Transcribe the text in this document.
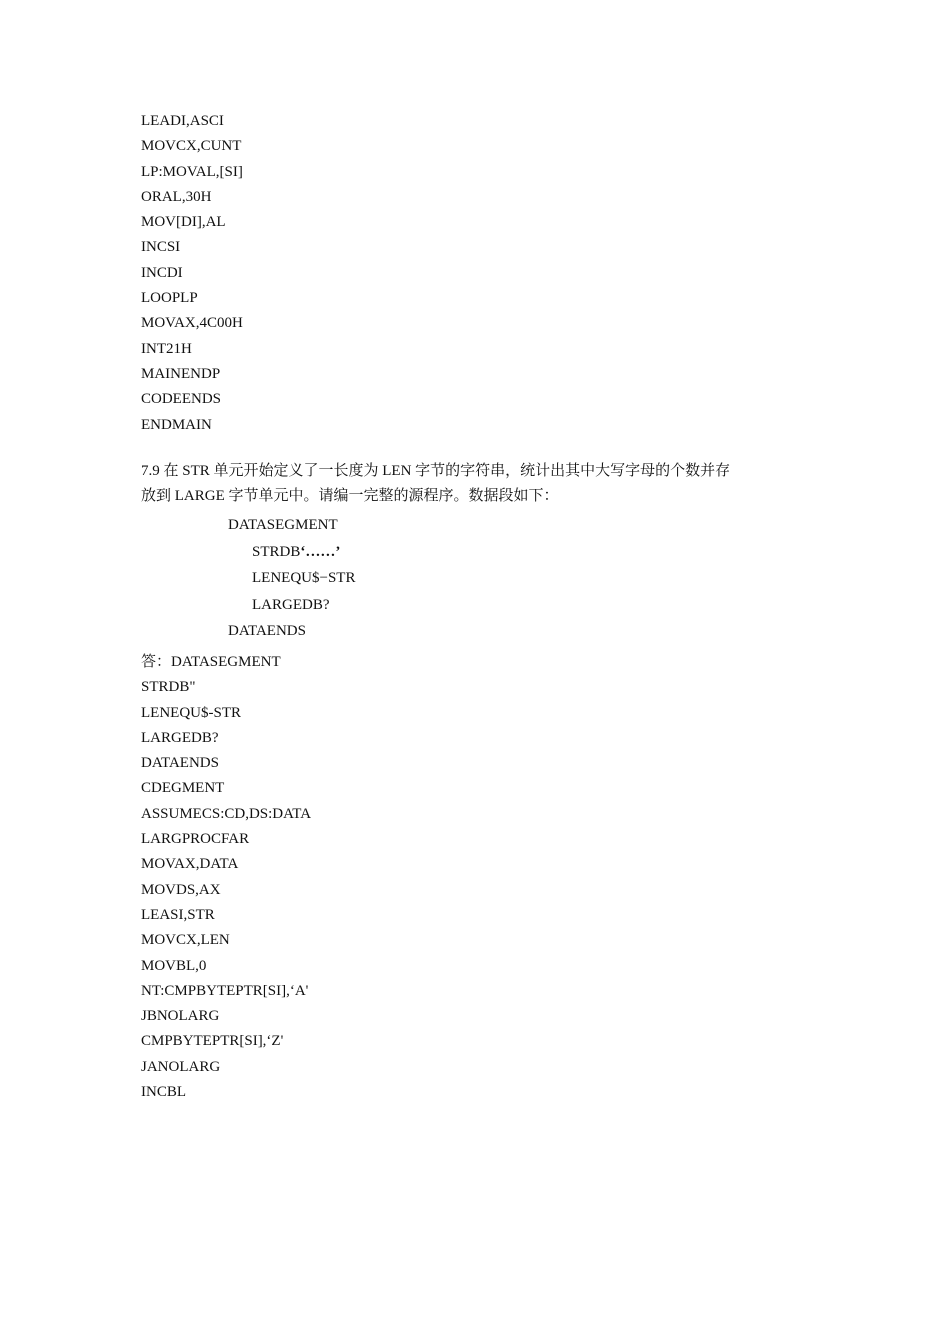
LEADI,ASCI
MOVCX,CUNT
LP:MOVAL,[SI]
ORAL,30H
MOV[DI],AL
INCSI
INCDI
LOOPLP
MOVAX,4C00H
INT21H
MAINENDP
CODEENDS
ENDMAIN
7.9 在 STR 单元开始定义了一长度为 LEN 字节的字符串，统计出其中大写字母的个数并存
放到 LARGE 字节单元中。请编一完整的源程序。数据段如下：
DATASEGMENT
STRDB‘……’
LENEQU$−STR
LARGEDB?
DATAENDS
答：DATASEGMENT
STRDB"
LENEQU$-STR
LARGEDB?
DATAENDS
CDEGMENT
ASSUMECS:CD,DS:DATA
LARGPROCFAR
MOVAX,DATA
MOVDS,AX
LEASI,STR
MOVCX,LEN
MOVBL,0
NT:CMPBYTEPTR[SI],‘A'
JBNOLARG
CMPBYTEPTR[SI],‘Z'
JANOLARG
INCBL
